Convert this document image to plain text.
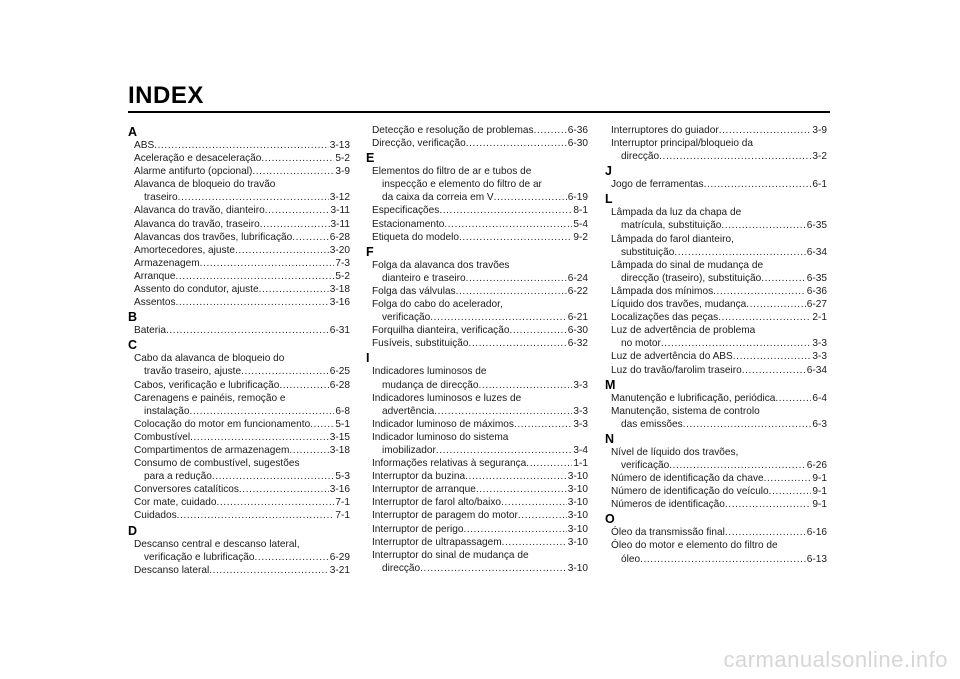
INDEX
A
ABS .....	3-13
Aceleração e desaceleração .....	5-2
Alarme antifurto (opcional) .....	3-9
Alavanca de bloqueio do travão
traseiro .....	3-12
Alavanca do travão, dianteiro .....	3-11
Alavanca do travão, traseiro .....	3-11
Alavancas dos travões, lubrificação .....	6-28
Amortecedores, ajuste .....	3-20
Armazenagem .....	7-3
Arranque .....	5-2
Assento do condutor, ajuste .....	3-18
Assentos .....	3-16
B
Bateria .....	6-31
C
Cabo da alavanca de bloqueio do
travão traseiro, ajuste .....	6-25
Cabos, verificação e lubrificação .....	6-28
Carenagens e painéis, remoção e
instalação .....	6-8
Colocação do motor em funcionamento ..... 5-1
Combustível .....	3-15
Compartimentos de armazenagem .....	3-18
Consumo de combustível, sugestões
para a redução .....	5-3
Conversores catalíticos .....	3-16
Cor mate, cuidado .....	7-1
Cuidados .....	7-1
D
Descanso central e descanso lateral,
verificação e lubrificação .....	6-29
Descanso lateral .....	3-21
Detecção e resolução de problemas .....	6-36
Direcção, verificação .....	6-30
E
Elementos do filtro de ar e tubos de
inspecção e elemento do filtro de ar
da caixa da correia em V .....	6-19
Especificações .....	8-1
Estacionamento .....	5-4
Etiqueta do modelo .....	9-2
F
Folga da alavanca dos travões
dianteiro e traseiro .....	6-24
Folga das válvulas .....	6-22
Folga do cabo do acelerador,
verificação .....	6-21
Forquilha dianteira, verificação .....	6-30
Fusíveis, substituição .....	6-32
I
Indicadores luminosos de
mudança de direcção .....	3-3
Indicadores luminosos e luzes de
advertência .....	3-3
Indicador luminoso de máximos .....	3-3
Indicador luminoso do sistema
imobilizador .....	3-4
Informações relativas à segurança .....	1-1
Interruptor da buzina .....	3-10
Interruptor de arranque .....	3-10
Interruptor de farol alto/baixo .....	3-10
Interruptor de paragem do motor .....	3-10
Interruptor de perigo .....	3-10
Interruptor de ultrapassagem .....	3-10
Interruptor do sinal de mudança de
direcção .....	3-10
Interruptores do guiador .....	3-9
Interruptor principal/bloqueio da
direcção .....	3-2
J
Jogo de ferramentas .....	6-1
L
Lâmpada da luz da chapa de
matrícula, substituição .....	6-35
Lâmpada do farol dianteiro,
substituição .....	6-34
Lâmpada do sinal de mudança de
direcção (traseiro), substituição .....	6-35
Lâmpada dos mínimos .....	6-36
Líquido dos travões, mudança .....	6-27
Localizações das peças .....	2-1
Luz de advertência de problema
no motor .....	3-3
Luz de advertência do ABS .....	3-3
Luz do travão/farolim traseiro .....	6-34
M
Manutenção e lubrificação, periódica .....	6-4
Manutenção, sistema de controlo
das emissões .....	6-3
N
Nível de líquido dos travões,
verificação .....	6-26
Número de identificação da chave .....	9-1
Número de identificação do veículo .....	9-1
Números de identificação .....	9-1
O
Óleo da transmissão final .....	6-16
Óleo do motor e elemento do filtro de
óleo .....	6-13
carmanualsonline.info
